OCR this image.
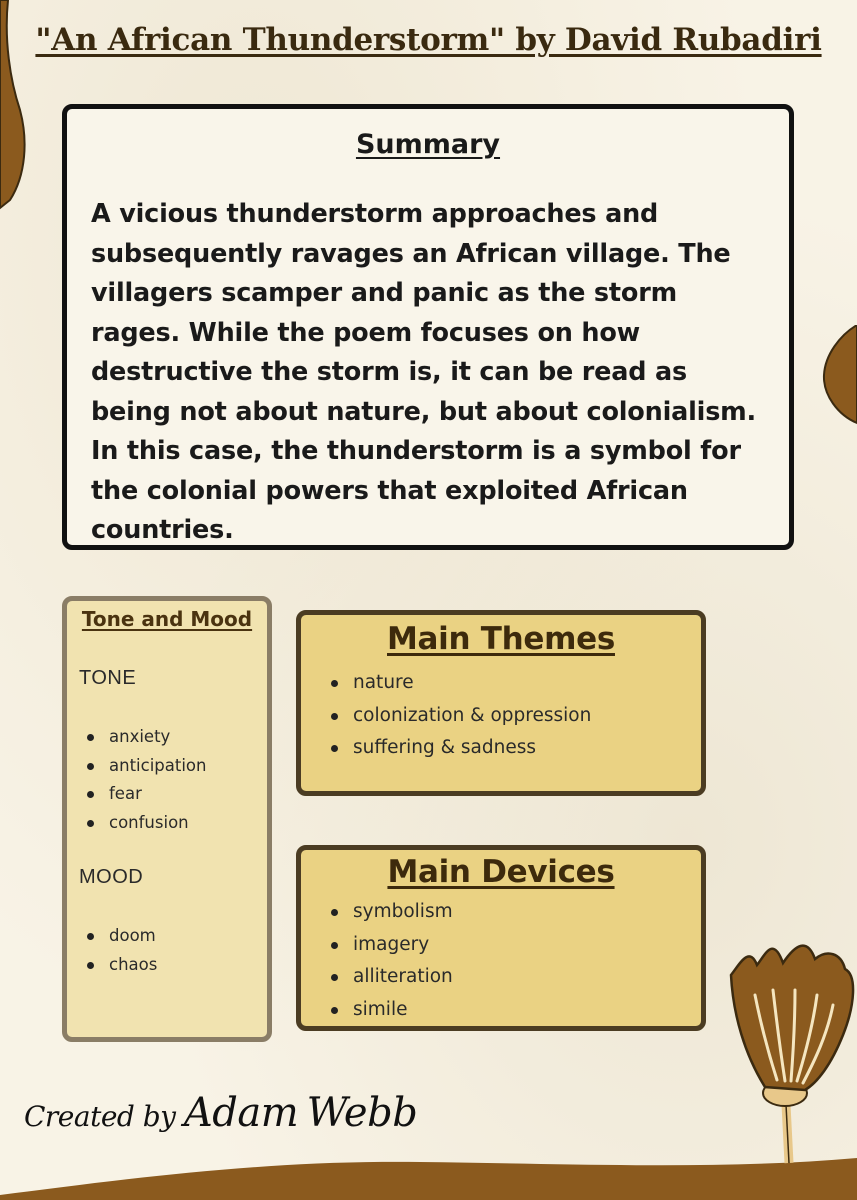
"An African Thunderstorm" by David Rubadiri
Summary
A vicious thunderstorm approaches and subsequently ravages an African village. The villagers scamper and panic as the storm rages. While the poem focuses on how destructive the storm is, it can be read as being not about nature, but about colonialism. In this case, the thunderstorm is a symbol for the colonial powers that exploited African countries.
Tone and Mood
TONE
anxiety
anticipation
fear
confusion
MOOD
doom
chaos
Main Themes
nature
colonization & oppression
suffering & sadness
Main Devices
symbolism
imagery
alliteration
simile
Created by Adam Webb
